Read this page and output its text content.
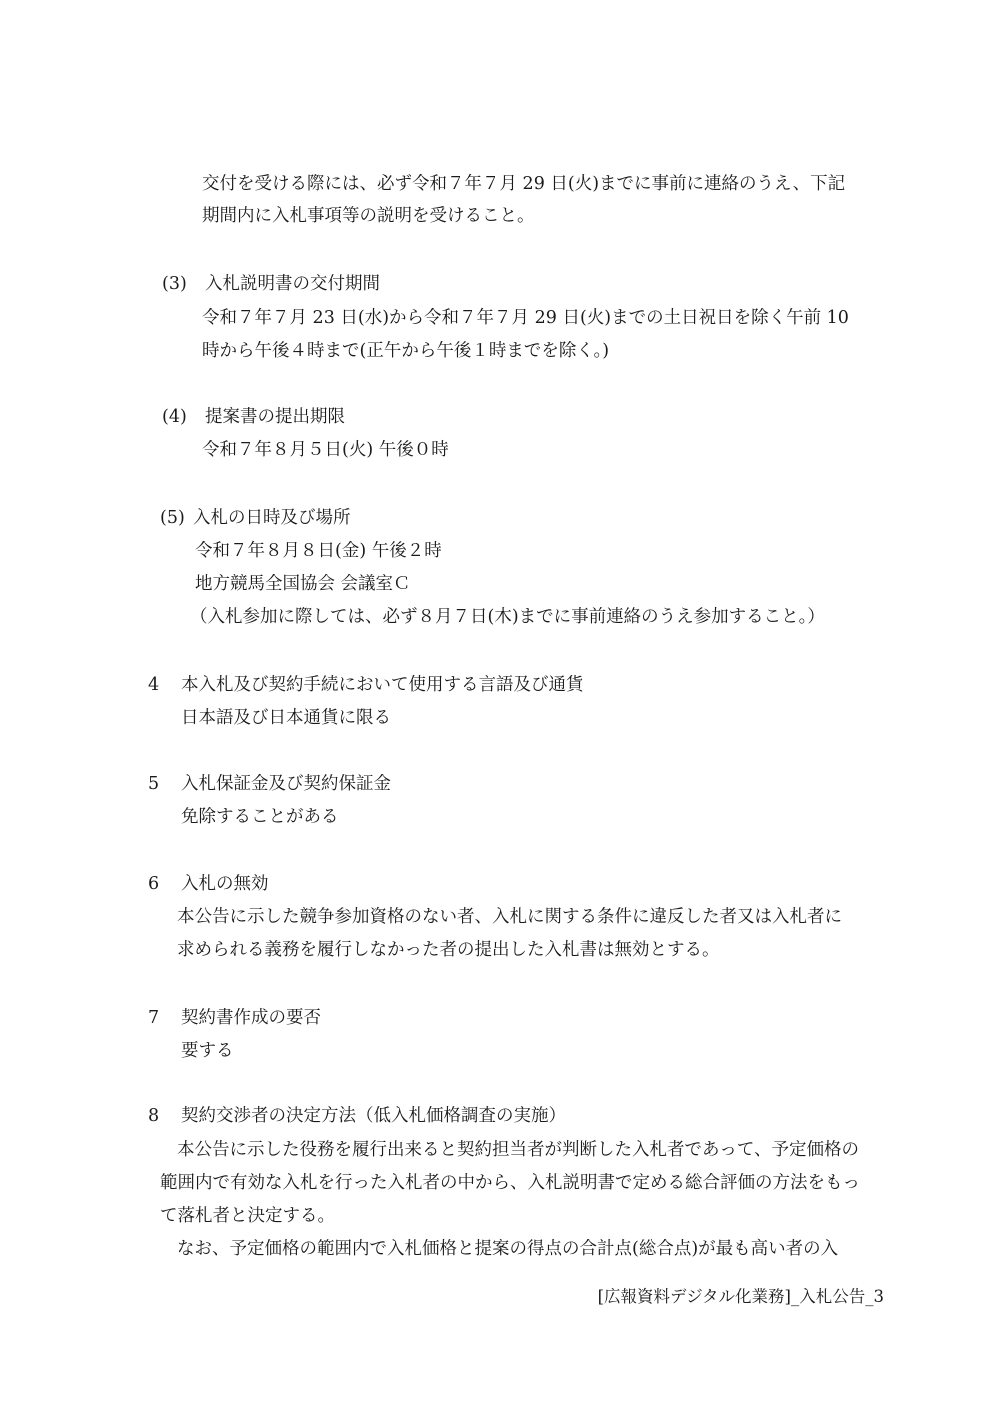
交付を受ける際には、必ず令和７年７月 29 日(火)までに事前に連絡のうえ、下記
期間内に入札事項等の説明を受けること。
(3) 入札説明書の交付期間
令和７年７月 23 日(水)から令和７年７月 29 日(火)までの土日祝日を除く午前 10
時から午後４時まで(正午から午後１時までを除く。)
(4) 提案書の提出期限
令和７年８月５日(火) 午後０時
(5) 入札の日時及び場所
令和７年８月８日(金) 午後２時
地方競馬全国協会 会議室Ｃ
（入札参加に際しては、必ず８月７日(木)までに事前連絡のうえ参加すること。）
4 本入札及び契約手続において使用する言語及び通貨
日本語及び日本通貨に限る
5 入札保証金及び契約保証金
免除することがある
6 入札の無効
本公告に示した競争参加資格のない者、入札に関する条件に違反した者又は入札者に
求められる義務を履行しなかった者の提出した入札書は無効とする。
7 契約書作成の要否
要する
8 契約交渉者の決定方法（低入札価格調査の実施）
本公告に示した役務を履行出来ると契約担当者が判断した入札者であって、予定価格の
範囲内で有効な入札を行った入札者の中から、入札説明書で定める総合評価の方法をもっ
て落札者と決定する。
なお、予定価格の範囲内で入札価格と提案の得点の合計点(総合点)が最も高い者の入
[広報資料デジタル化業務]_入札公告_3
